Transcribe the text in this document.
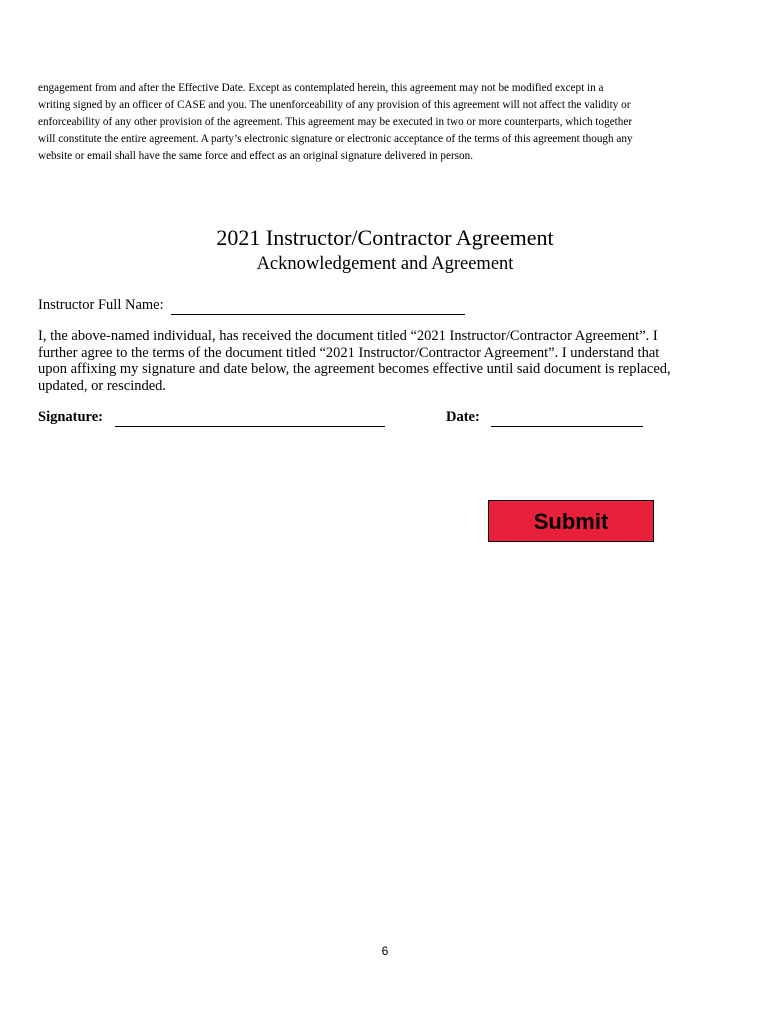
engagement from and after the Effective Date. Except as contemplated herein, this agreement may not be modified except in a
writing signed by an officer of CASE and you. The unenforceability of any provision of this agreement will not affect the validity or
enforceability of any other provision of the agreement. This agreement may be executed in two or more counterparts, which together
will constitute the entire agreement. A party’s electronic signature or electronic acceptance of the terms of this agreement though any
website or email shall have the same force and effect as an original signature delivered in person.
2021 Instructor/Contractor Agreement
Acknowledgement and Agreement
Instructor Full Name:
I, the above-named individual, has received the document titled “2021 Instructor/Contractor Agreement”. I
further agree to the terms of the document titled “2021 Instructor/Contractor Agreement”. I understand that
upon affixing my signature and date below, the agreement becomes effective until said document is replaced,
updated, or rescinded.
Signature:	Date:
Submit
6
